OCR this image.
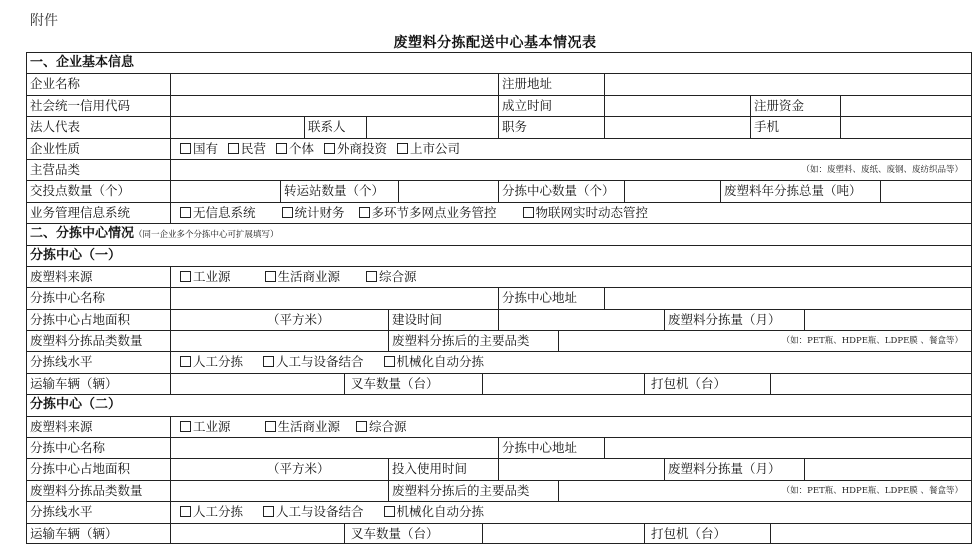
附件
废塑料分拣配送中心基本情况表
一、企业基本信息
企业名称	注册地址
社会统一信用代码	成立时间	注册资金
法人代表	联系人	职务	手机
企业性质	国有 民营 个体 外商投资 上市公司
主营品类	（如：废塑料、废纸、废钢、废纺织品等）
交投点数量（个）	转运站数量（个）	分拣中心数量（个）	废塑料年分拣总量（吨）
业务管理信息系统	无信息系统	统计财务 多环节多网点业务管控	物联网实时动态管控
二、分拣中心情况（同一企业多个分拣中心可扩展填写）
分拣中心（一）
废塑料来源	工业源	生活商业源	综合源
分拣中心名称	分拣中心地址
分拣中心占地面积	（平方米）	建设时间	废塑料分拣量（月）
废塑料分拣品类数量	废塑料分拣后的主要品类	（如：PET瓶、HDPE瓶、LDPE膜 、餐盒等）
分拣线水平	人工分拣	人工与设备结合	机械化自动分拣
运输车辆（辆）	叉车数量（台）	打包机（台）
分拣中心（二）
废塑料来源	工业源	生活商业源 综合源
分拣中心名称	分拣中心地址
分拣中心占地面积	（平方米）	投入使用时间	废塑料分拣量（月）
废塑料分拣品类数量	废塑料分拣后的主要品类	（如：PET瓶、HDPE瓶、LDPE膜 、餐盒等）
分拣线水平	人工分拣	人工与设备结合	机械化自动分拣
运输车辆（辆）	叉车数量（台）	打包机（台）
